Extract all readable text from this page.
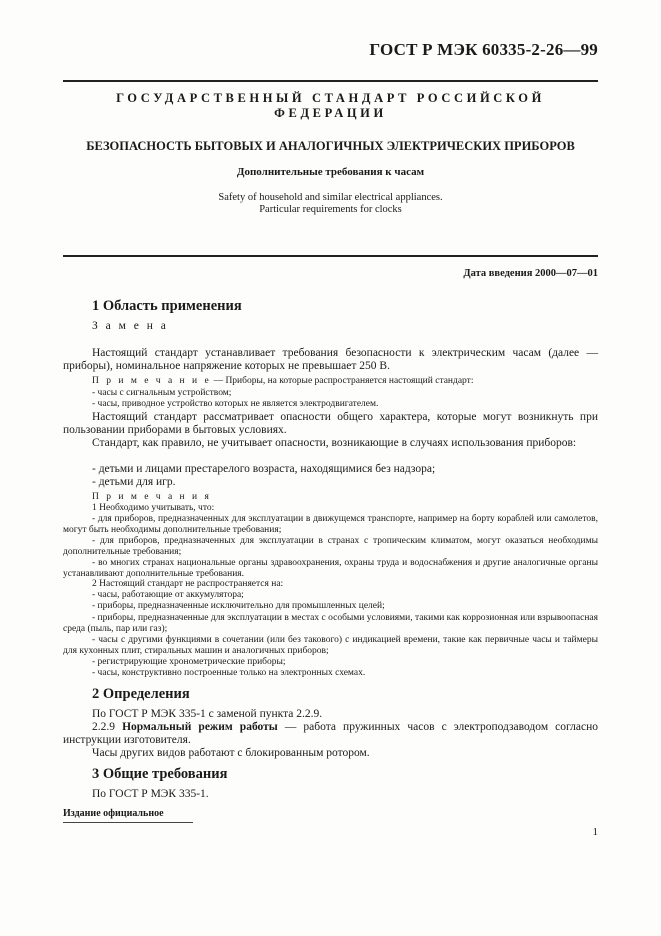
ГОСТ Р МЭК 60335-2-26—99
ГОСУДАРСТВЕННЫЙ СТАНДАРТ РОССИЙСКОЙ ФЕДЕРАЦИИ
БЕЗОПАСНОСТЬ БЫТОВЫХ И АНАЛОГИЧНЫХ ЭЛЕКТРИЧЕСКИХ ПРИБОРОВ
Дополнительные требования к часам
Safety of household and similar electrical appliances.
Particular requirements for clocks
Дата введения 2000—07—01
1 Область применения
З а м е н а
Настоящий стандарт устанавливает требования безопасности к электрическим часам (далее — приборы), номинальное напряжение которых не превышает 250 В.
П р и м е ч а н и е — Приборы, на которые распространяется настоящий стандарт:
- часы с сигнальным устройством;
- часы, приводное устройство которых не является электродвигателем.
Настоящий стандарт рассматривает опасности общего характера, которые могут возникнуть при пользовании приборами в бытовых условиях.
Стандарт, как правило, не учитывает опасности, возникающие в случаях использования приборов:
- детьми и лицами престарелого возраста, находящимися без надзора;
- детьми для игр.
П р и м е ч а н и я
1 Необходимо учитывать, что:
- для приборов, предназначенных для эксплуатации в движущемся транспорте, например на борту кораблей или самолетов, могут быть необходимы дополнительные требования;
- для приборов, предназначенных для эксплуатации в странах с тропическим климатом, могут оказаться необходимы дополнительные требования;
- во многих странах национальные органы здравоохранения, охраны труда и водоснабжения и другие аналогичные органы устанавливают дополнительные требования.
2 Настоящий стандарт не распространяется на:
- часы, работающие от аккумулятора;
- приборы, предназначенные исключительно для промышленных целей;
- приборы, предназначенные для эксплуатации в местах с особыми условиями, такими как коррозионная или взрывоопасная среда (пыль, пар или газ);
- часы с другими функциями в сочетании (или без такового) с индикацией времени, такие как первичные часы и таймеры для кухонных плит, стиральных машин и аналогичных приборов;
- регистрирующие хронометрические приборы;
- часы, конструктивно построенные только на электронных схемах.
2 Определения
По ГОСТ Р МЭК 335-1 с заменой пункта 2.2.9.
2.2.9 Нормальный режим работы — работа пружинных часов с электроподзаводом согласно инструкции изготовителя.
Часы других видов работают с блокированным ротором.
3 Общие требования
По ГОСТ Р МЭК 335-1.
Издание официальное
1
